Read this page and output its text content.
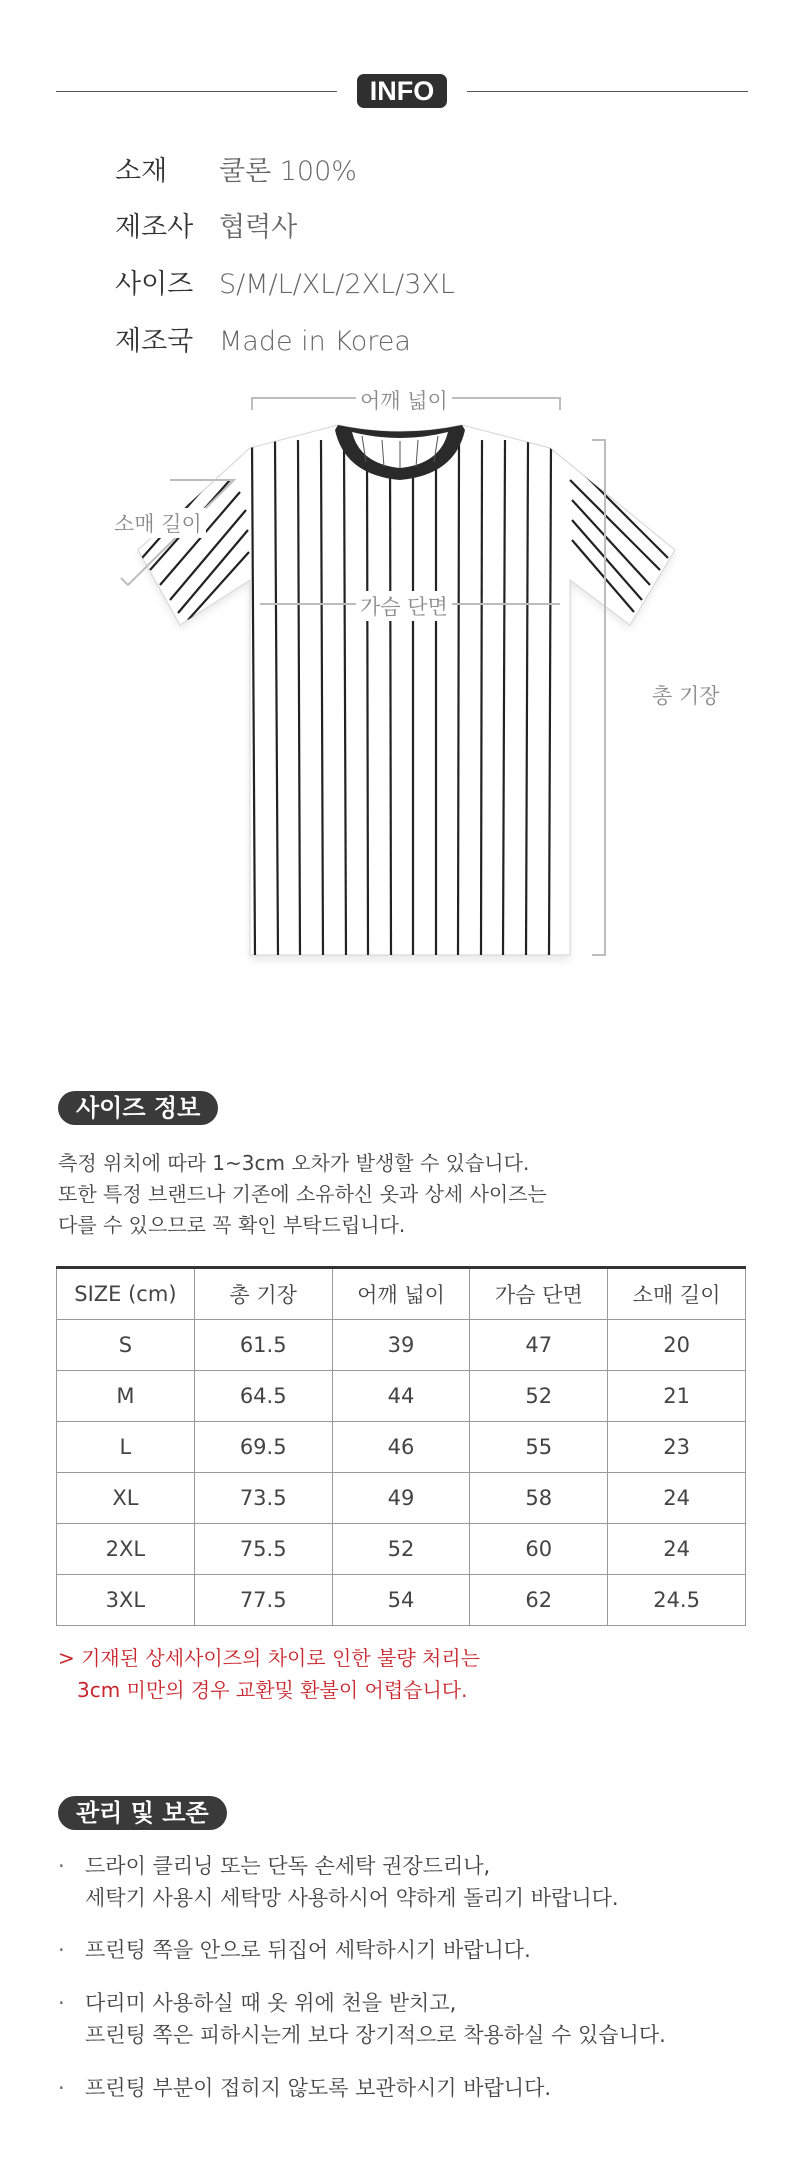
INFO
소재 쿨론 100%
제조사 협력사
사이즈 S/M/L/XL/2XL/3XL
제조국 Made in Korea
어깨 넓이
소매 길이
가슴 단면
총 기장
사이즈 정보
측정 위치에 따라 1~3cm 오차가 발생할 수 있습니다.
또한 특정 브랜드나 기존에 소유하신 옷과 상세 사이즈는
다를 수 있으므로 꼭 확인 부탁드립니다.
SIZE (cm)	총 기장	어깨 넓이	가슴 단면	소매 길이
S	61.5	39	47	20
M	64.5	44	52	21
L	69.5	46	55	23
XL	73.5	49	58	24
2XL	75.5	52	60	24
3XL	77.5	54	62	24.5
> 기재된 상세사이즈의 차이로 인한 불량 처리는
3cm 미만의 경우 교환및 환불이 어렵습니다.
관리 및 보존
· 드라이 클리닝 또는 단독 손세탁 권장드리나,
세탁기 사용시 세탁망 사용하시어 약하게 돌리기 바랍니다.
· 프린팅 쪽을 안으로 뒤집어 세탁하시기 바랍니다.
· 다리미 사용하실 때 옷 위에 천을 받치고,
프린팅 쪽은 피하시는게 보다 장기적으로 착용하실 수 있습니다.
· 프린팅 부분이 접히지 않도록 보관하시기 바랍니다.
